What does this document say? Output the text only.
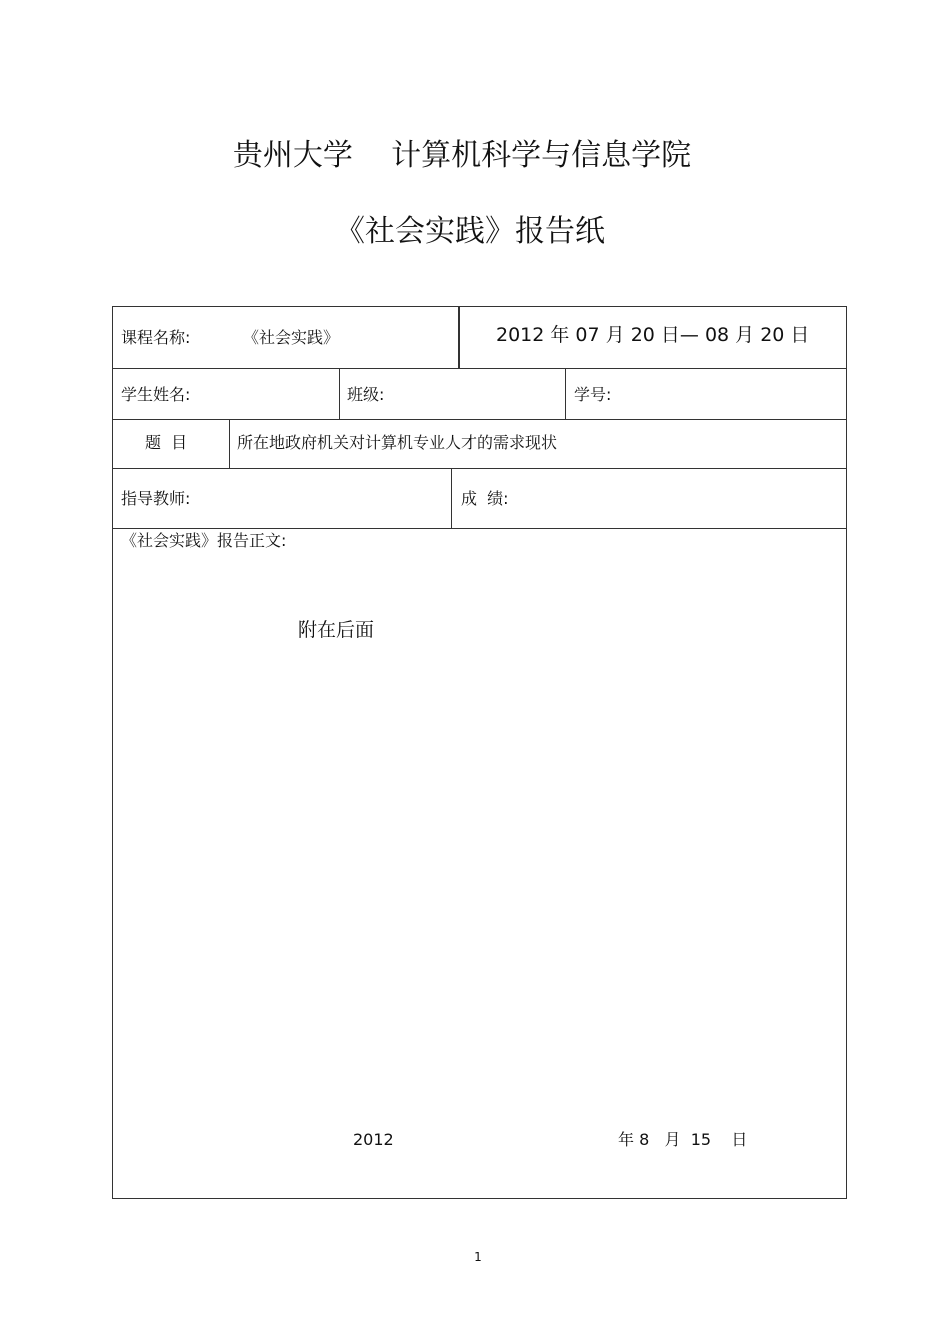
贵州大学    计算机科学与信息学院
《社会实践》报告纸
课程名称:	《社会实践》	2012 年 07 月 20 日— 08 月 20 日
学生姓名:	班级:	学号:
题  目	所在地政府机关对计算机专业人才的需求现状
指导教师:	成  绩:
《社会实践》报告正文:
附在后面
2012	年 8   月  15    日
1
